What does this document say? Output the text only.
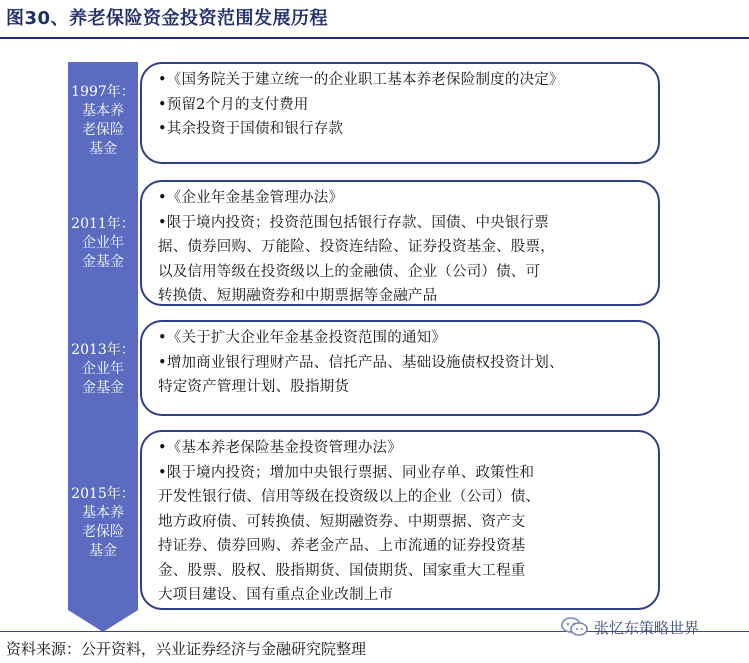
图30、养老保险资金投资范围发展历程
1997年：
基本养
老保险
基金
2011年：
企业年
金基金
2013年：
企业年
金基金
2015年：
基本养
老保险
基金
•《国务院关于建立统一的企业职工基本养老保险制度的决定》
•预留2个月的支付费用
•其余投资于国债和银行存款
•《企业年金基金管理办法》
•限于境内投资；投资范围包括银行存款、国债、中央银行票
据、债券回购、万能险、投资连结险、证券投资基金、股票，
以及信用等级在投资级以上的金融债、企业（公司）债、可
转换债、短期融资券和中期票据等金融产品
•《关于扩大企业年金基金投资范围的通知》
•增加商业银行理财产品、信托产品、基础设施债权投资计划、
特定资产管理计划、股指期货
•《基本养老保险基金投资管理办法》
•限于境内投资；增加中央银行票据、同业存单、政策性和
开发性银行债、信用等级在投资级以上的企业（公司）债、
地方政府债、可转换债、短期融资券、中期票据、资产支
持证券、债券回购、养老金产品、上市流通的证券投资基
金、股票、股权、股指期货、国债期货、国家重大工程重
大项目建设、国有重点企业改制上市
资料来源：公开资料，兴业证券经济与金融研究院整理
张忆东策略世界
